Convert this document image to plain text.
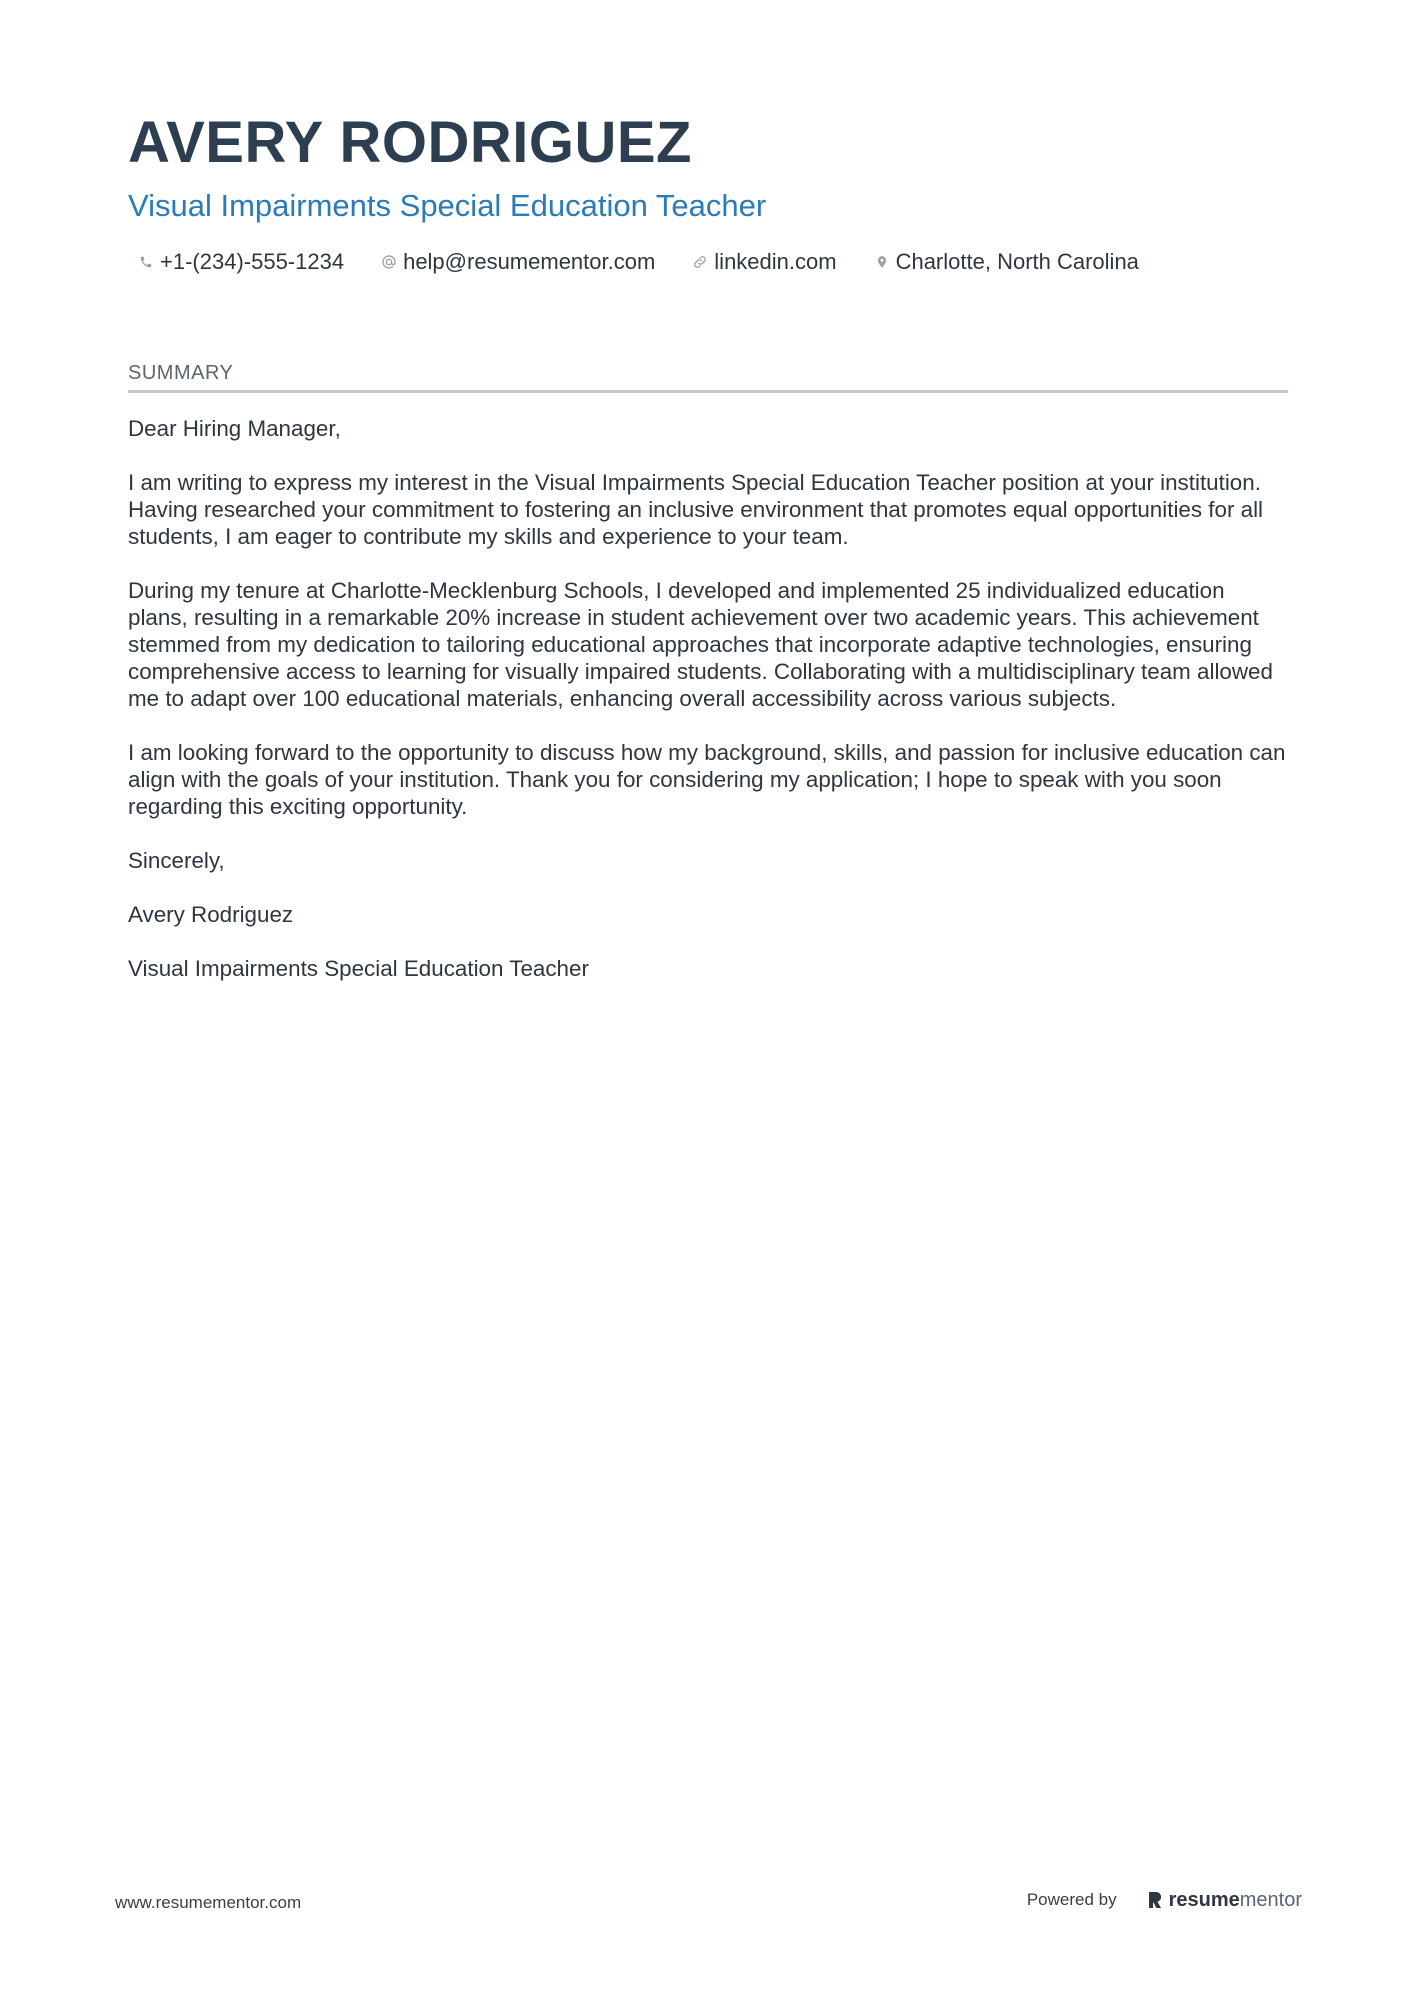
AVERY RODRIGUEZ
Visual Impairments Special Education Teacher
+1-(234)-555-1234	help@resumementor.com	linkedin.com	Charlotte, North Carolina
SUMMARY

Dear Hiring Manager,

I am writing to express my interest in the Visual Impairments Special Education Teacher position at your institution. Having researched your commitment to fostering an inclusive environment that promotes equal opportunities for all students, I am eager to contribute my skills and experience to your team.

During my tenure at Charlotte-Mecklenburg Schools, I developed and implemented 25 individualized education plans, resulting in a remarkable 20% increase in student achievement over two academic years. This achievement stemmed from my dedication to tailoring educational approaches that incorporate adaptive technologies, ensuring comprehensive access to learning for visually impaired students. Collaborating with a multidisciplinary team allowed me to adapt over 100 educational materials, enhancing overall accessibility across various subjects.

I am looking forward to the opportunity to discuss how my background, skills, and passion for inclusive education can align with the goals of your institution. Thank you for considering my application; I hope to speak with you soon regarding this exciting opportunity.

Sincerely,

Avery Rodriguez

Visual Impairments Special Education Teacher

www.resumementor.com	Powered by	resume mentor
